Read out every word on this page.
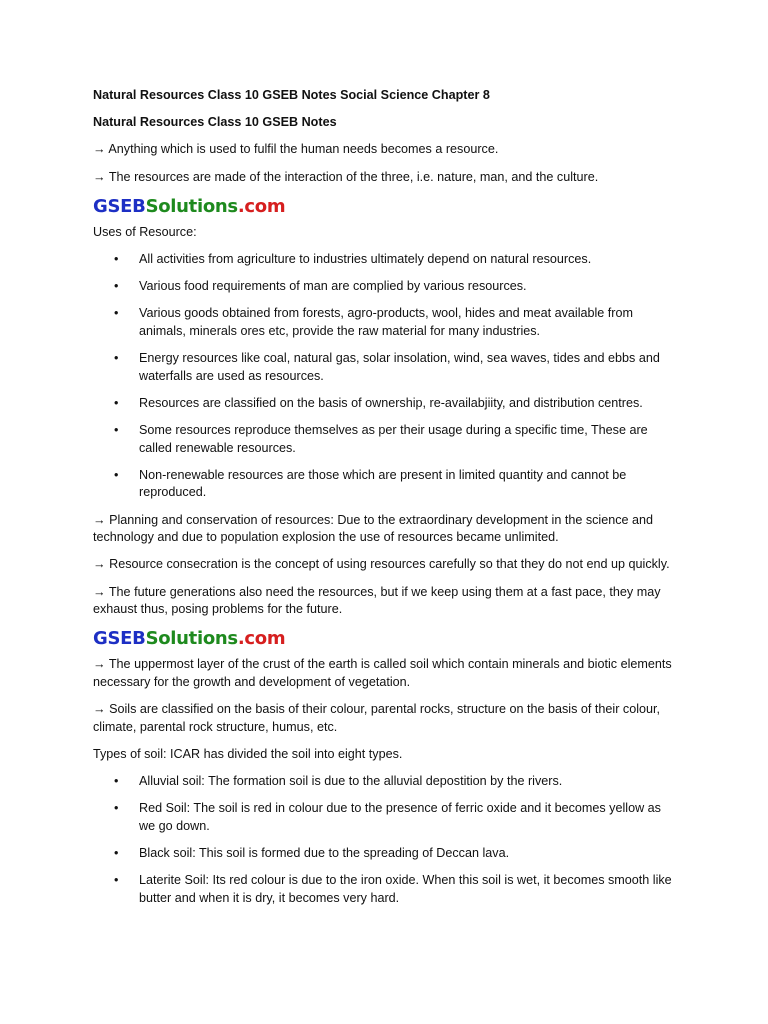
Natural Resources Class 10 GSEB Notes Social Science Chapter 8

Natural Resources Class 10 GSEB Notes

→ Anything which is used to fulfil the human needs becomes a resource.

→ The resources are made of the interaction of the three, i.e. nature, man, and the culture.

GSEBSolutions.com

Uses of Resource:

• All activities from agriculture to industries ultimately depend on natural resources.
• Various food requirements of man are complied by various resources.
• Various goods obtained from forests, agro-products, wool, hides and meat available from animals, minerals ores etc, provide the raw material for many industries.
• Energy resources like coal, natural gas, solar insolation, wind, sea waves, tides and ebbs and waterfalls are used as resources.
• Resources are classified on the basis of ownership, re-availabjiity, and distribution centres.
• Some resources reproduce themselves as per their usage during a specific time, These are called renewable resources.
• Non-renewable resources are those which are present in limited quantity and cannot be reproduced.

→ Planning and conservation of resources: Due to the extraordinary development in the science and technology and due to population explosion the use of resources became unlimited.

→ Resource consecration is the concept of using resources carefully so that they do not end up quickly.

→ The future generations also need the resources, but if we keep using them at a fast pace, they may exhaust thus, posing problems for the future.

GSEBSolutions.com

→ The uppermost layer of the crust of the earth is called soil which contain minerals and biotic elements necessary for the growth and development of vegetation.

→ Soils are classified on the basis of their colour, parental rocks, structure on the basis of their colour, climate, parental rock structure, humus, etc.

Types of soil: ICAR has divided the soil into eight types.

• Alluvial soil: The formation soil is due to the alluvial depostition by the rivers.
• Red Soil: The soil is red in colour due to the presence of ferric oxide and it becomes yellow as we go down.
• Black soil: This soil is formed due to the spreading of Deccan lava.
• Laterite Soil: Its red colour is due to the iron oxide. When this soil is wet, it becomes smooth like butter and when it is dry, it becomes very hard.
